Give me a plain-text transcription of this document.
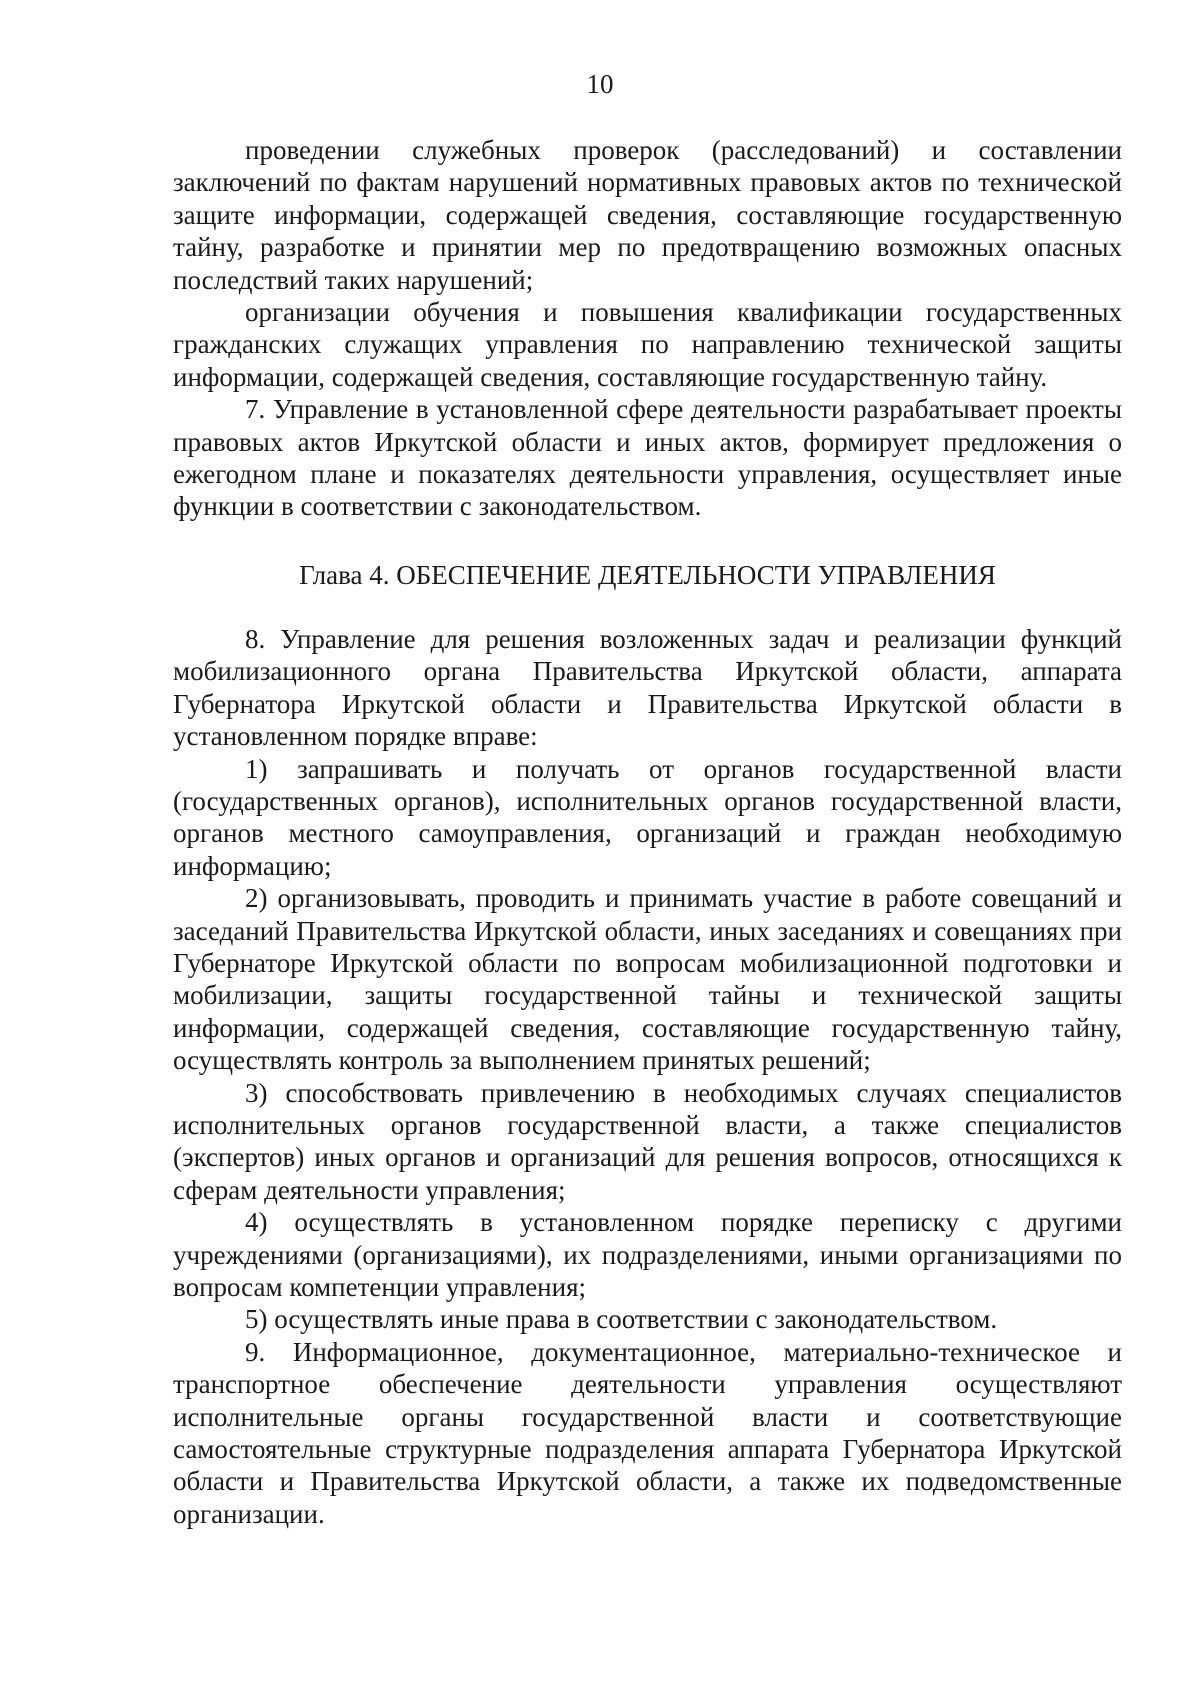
10

проведении служебных проверок (расследований) и составлении заключений по фактам нарушений нормативных правовых актов по технической защите информации, содержащей сведения, составляющие государственную тайну, разработке и принятии мер по предотвращению возможных опасных последствий таких нарушений;

организации обучения и повышения квалификации государственных гражданских служащих управления по направлению технической защиты информации, содержащей сведения, составляющие государственную тайну.

7. Управление в установленной сфере деятельности разрабатывает проекты правовых актов Иркутской области и иных актов, формирует предложения о ежегодном плане и показателях деятельности управления, осуществляет иные функции в соответствии с законодательством.

Глава 4. ОБЕСПЕЧЕНИЕ ДЕЯТЕЛЬНОСТИ УПРАВЛЕНИЯ

8. Управление для решения возложенных задач и реализации функций мобилизационного органа Правительства Иркутской области, аппарата Губернатора Иркутской области и Правительства Иркутской области в установленном порядке вправе:

1) запрашивать и получать от органов государственной власти (государственных органов), исполнительных органов государственной власти, органов местного самоуправления, организаций и граждан необходимую информацию;

2) организовывать, проводить и принимать участие в работе совещаний и заседаний Правительства Иркутской области, иных заседаниях и совещаниях при Губернаторе Иркутской области по вопросам мобилизационной подготовки и мобилизации, защиты государственной тайны и технической защиты информации, содержащей сведения, составляющие государственную тайну, осуществлять контроль за выполнением принятых решений;

3) способствовать привлечению в необходимых случаях специалистов исполнительных органов государственной власти, а также специалистов (экспертов) иных органов и организаций для решения вопросов, относящихся к сферам деятельности управления;

4) осуществлять в установленном порядке переписку с другими учреждениями (организациями), их подразделениями, иными организациями по вопросам компетенции управления;

5) осуществлять иные права в соответствии с законодательством.

9. Информационное, документационное, материально-техническое и транспортное обеспечение деятельности управления осуществляют исполнительные органы государственной власти и соответствующие самостоятельные структурные подразделения аппарата Губернатора Иркутской области и Правительства Иркутской области, а также их подведомственные организации.
